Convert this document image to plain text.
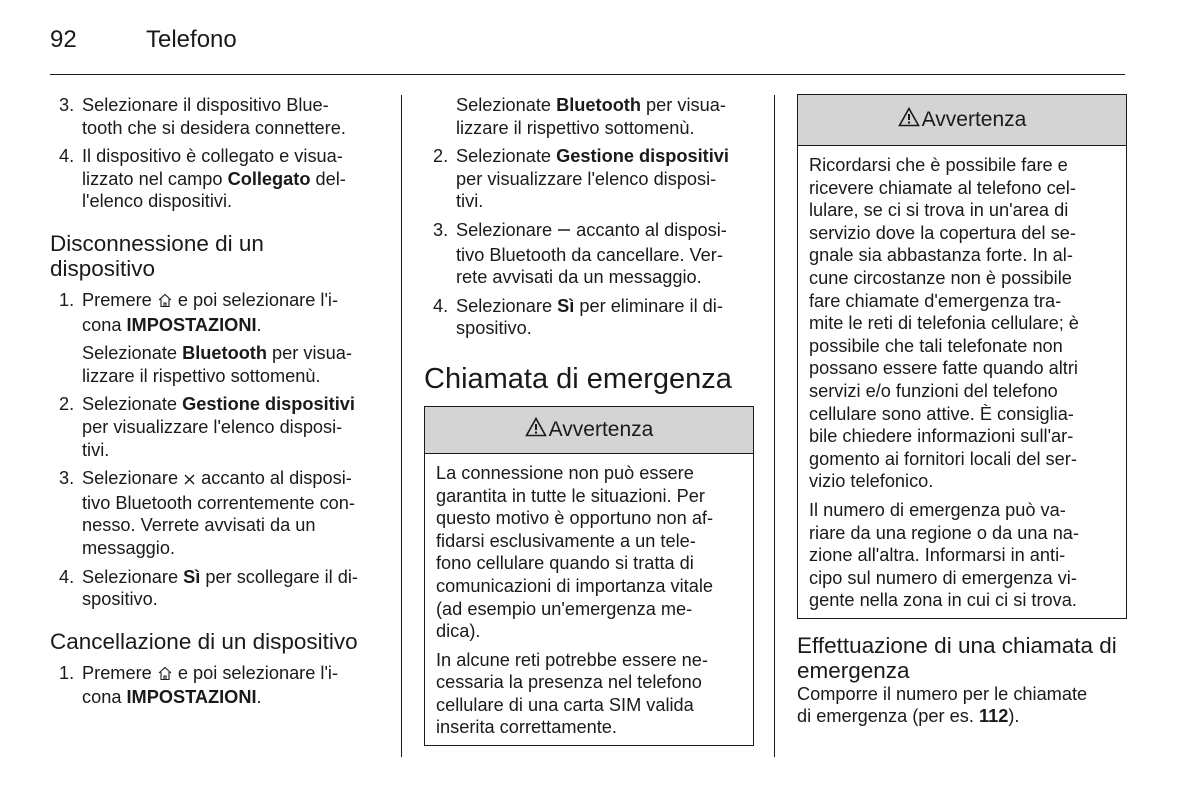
92	Telefono
3. Selezionare il dispositivo Blue-

tooth che si desidera connettere.

4. Il dispositivo è collegato e visua-

lizzato nel campo Collegato del-

l'elenco dispositivi.

Disconnessione di un
dispositivo
1. Premere  e poi selezionare l'i-

cona IMPOSTAZIONI.

Selezionate Bluetooth per visua-

lizzare il rispettivo sottomenù.

2. Selezionate Gestione dispositivi

per visualizzare l'elenco disposi-

tivi.

3. Selezionare  accanto al disposi-

tivo Bluetooth correntemente con-

nesso. Verrete avvisati da un

messaggio.

4. Selezionare Sì per scollegare il di-

spositivo.

Cancellazione di un dispositivo
1. Premere  e poi selezionare l'i-

cona IMPOSTAZIONI.

Selezionate Bluetooth per visua-

lizzare il rispettivo sottomenù.

2. Selezionate Gestione dispositivi

per visualizzare l'elenco disposi-

tivi.

3. Selezionare  accanto al disposi-

tivo Bluetooth da cancellare. Ver-

rete avvisati da un messaggio.

4. Selezionare Sì per eliminare il di-

spositivo.

Chiamata di emergenza
Avvertenza

La connessione non può essere
garantita in tutte le situazioni. Per
questo motivo è opportuno non af-
fidarsi esclusivamente a un tele-
fono cellulare quando si tratta di
comunicazioni di importanza vitale
(ad esempio un'emergenza me-
dica).

In alcune reti potrebbe essere ne-
cessaria la presenza nel telefono
cellulare di una carta SIM valida
inserita correttamente.

Avvertenza

Ricordarsi che è possibile fare e
ricevere chiamate al telefono cel-
lulare, se ci si trova in un'area di
servizio dove la copertura del se-
gnale sia abbastanza forte. In al-
cune circostanze non è possibile
fare chiamate d'emergenza tra-
mite le reti di telefonia cellulare; è
possibile che tali telefonate non
possano essere fatte quando altri
servizi e/o funzioni del telefono
cellulare sono attive. È consiglia-
bile chiedere informazioni sull'ar-
gomento ai fornitori locali del ser-
vizio telefonico.

Il numero di emergenza può va-
riare da una regione o da una na-
zione all'altra. Informarsi in anti-
cipo sul numero di emergenza vi-
gente nella zona in cui ci si trova.

Effettuazione di una chiamata di
emergenza

Comporre il numero per le chiamate

di emergenza (per es. 112).
